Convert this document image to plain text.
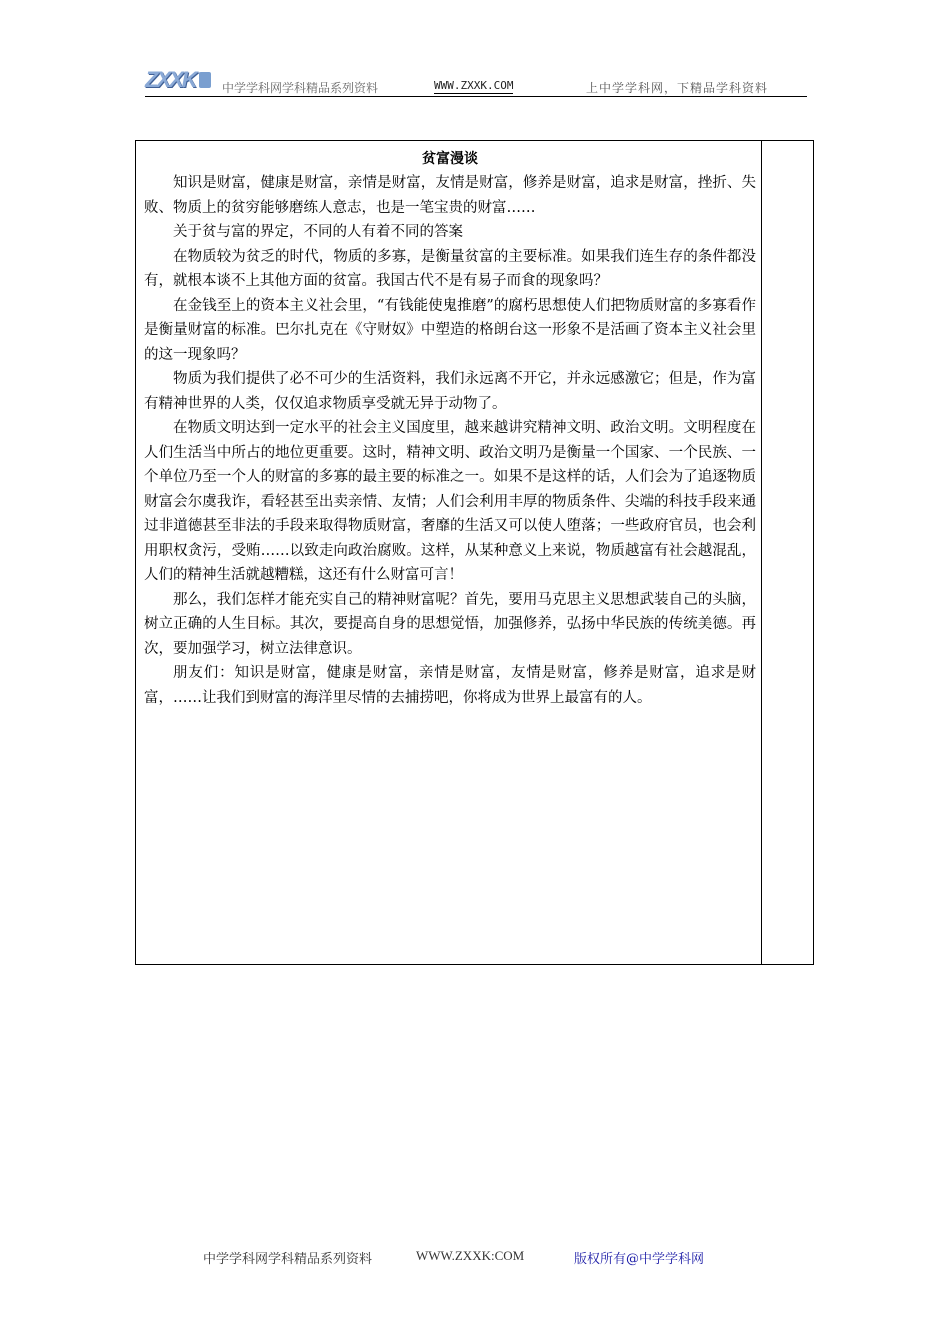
ZXXK 中学学科网学科精品系列资料	WWW.ZXXK.COM	上中学学科网，下精品学科资料
贫富漫谈

知识是财富，健康是财富，亲情是财富，友情是财富，修养是财富，追求是财富，挫折、失败、物质上的贫穷能够磨练人意志，也是一笔宝贵的财富……

关于贫与富的界定，不同的人有着不同的答案

在物质较为贫乏的时代，物质的多寡，是衡量贫富的主要标准。如果我们连生存的条件都没有，就根本谈不上其他方面的贫富。我国古代不是有易子而食的现象吗？

在金钱至上的资本主义社会里，“有钱能使鬼推磨”的腐朽思想使人们把物质财富的多寡看作是衡量财富的标准。巴尔扎克在《守财奴》中塑造的格朗台这一形象不是活画了资本主义社会里的这一现象吗？

物质为我们提供了必不可少的生活资料，我们永远离不开它，并永远感激它；但是，作为富有精神世界的人类，仅仅追求物质享受就无异于动物了。

在物质文明达到一定水平的社会主义国度里，越来越讲究精神文明、政治文明。文明程度在人们生活当中所占的地位更重要。这时，精神文明、政治文明乃是衡量一个国家、一个民族、一个单位乃至一个人的财富的多寡的最主要的标准之一。如果不是这样的话，人们会为了追逐物质财富会尔虞我诈，看轻甚至出卖亲情、友情；人们会利用丰厚的物质条件、尖端的科技手段来通过非道德甚至非法的手段来取得物质财富，奢靡的生活又可以使人堕落；一些政府官员，也会利用职权贪污，受贿……以致走向政治腐败。这样，从某种意义上来说，物质越富有社会越混乱，人们的精神生活就越糟糕，这还有什么财富可言！

那么，我们怎样才能充实自己的精神财富呢？首先，要用马克思主义思想武装自己的头脑，树立正确的人生目标。其次，要提高自身的思想觉悟，加强修养，弘扬中华民族的传统美德。再次，要加强学习，树立法律意识。

朋友们：知识是财富，健康是财富，亲情是财富，友情是财富，修养是财富，追求是财富，……让我们到财富的海洋里尽情的去捕捞吧，你将成为世界上最富有的人。

中学学科网学科精品系列资料	WWW.ZXXK:COM	版权所有@中学学科网
